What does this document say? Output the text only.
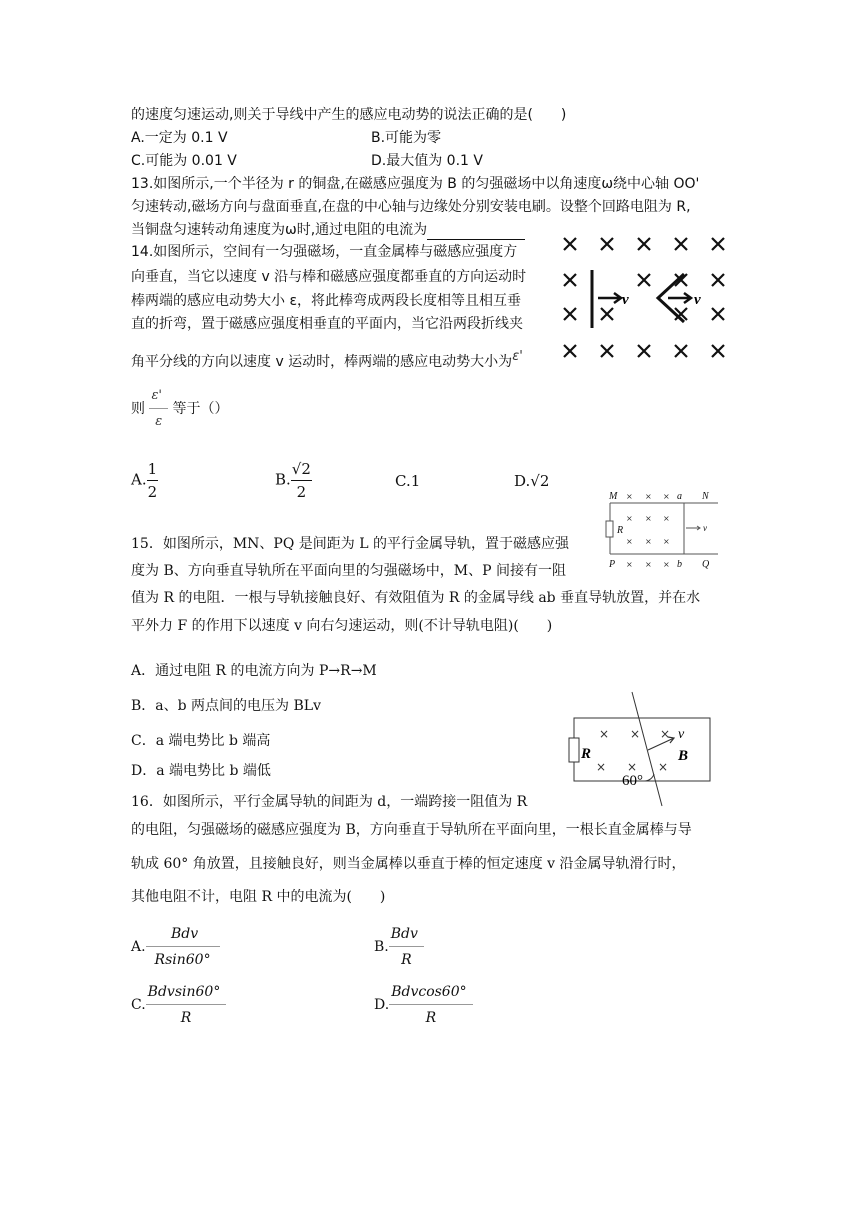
的速度匀速运动,则关于导线中产生的感应电动势的说法正确的是(　　)
A.一定为 0.1 V	B.可能为零
C.可能为 0.01 V	D.最大值为 0.1 V
13.如图所示,一个半径为 r 的铜盘,在磁感应强度为 B 的匀强磁场中以角速度ω绕中心轴 OO'
匀速转动,磁场方向与盘面垂直,在盘的中心轴与边缘处分别安装电刷。设整个回路电阻为 R,
当铜盘匀速转动角速度为ω时,通过电阻的电流为
14.如图所示，空间有一匀强磁场，一直金属棒与磁感应强度方
向垂直，当它以速度 v 沿与棒和磁感应强度都垂直的方向运动时
棒两端的感应电动势大小 ε，将此棒弯成两段长度相等且相互垂
直的折弯，置于磁感应强度相垂直的平面内，当它沿两段折线夹
角平分线的方向以速度 v 运动时，棒两端的感应电动势大小为ε'
则 $\frac{\varepsilon'}{\varepsilon}$ 等于（）
A. $\frac{1}{2}$	B. $\frac{√2}{2}$	C.1	D.√2
v	v
M	N
P	Q
a
b
R	v
× × ×
× × ×
× × ×
× × ×
15．如图所示，MN、PQ 是间距为 L 的平行金属导轨，置于磁感应强
度为 B、方向垂直导轨所在平面向里的匀强磁场中，M、P 间接有一阻
值为 R 的电阻．一根与导轨接触良好、有效阻值为 R 的金属导线 ab 垂直导轨放置，并在水
平外力 F 的作用下以速度 v 向右匀速运动，则(不计导轨电阻)(　　)
A．通过电阻 R 的电流方向为 P→R→M
B．a、b 两点间的电压为 BLv
C．a 端电势比 b 端高
D．a 端电势比 b 端低
R
× × ×
× × ×
v
B
60°
16．如图所示，平行金属导轨的间距为 d，一端跨接一阻值为 R
的电阻，匀强磁场的磁感应强度为 B，方向垂直于导轨所在平面向里，一根长直金属棒与导
轨成 60° 角放置，且接触良好，则当金属棒以垂直于棒的恒定速度 v 沿金属导轨滑行时，
其他电阻不计，电阻 R 中的电流为(　　)
A. $\frac{\text{Bdv}}{Rsin60^\circ}$	B. $\frac{\text{Bdv}}{R}$
C. $\frac{\text{Bdvsin60°}}{R}$	D. $\frac{\text{Bdvcos60°}}{R}$
